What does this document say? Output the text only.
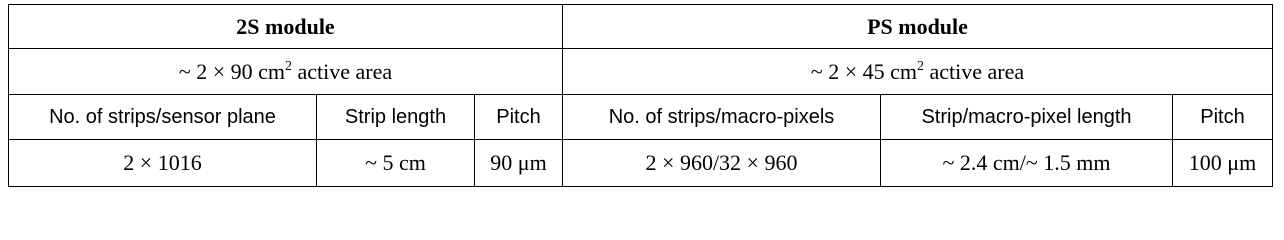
2S module			PS module		
~ 2 × 90 $cm^2$ active area			~ 2 × 45 $cm^2$ active area		
No. of strips/sensor plane	Strip length	Pitch	No. of strips/macro-pixels	Strip/macro-pixel length	Pitch
2 × 1016	~ 5 cm	90 μm	2 × 960/32 × 960	~ 2.4 cm/~ 1.5 mm	100 μm
